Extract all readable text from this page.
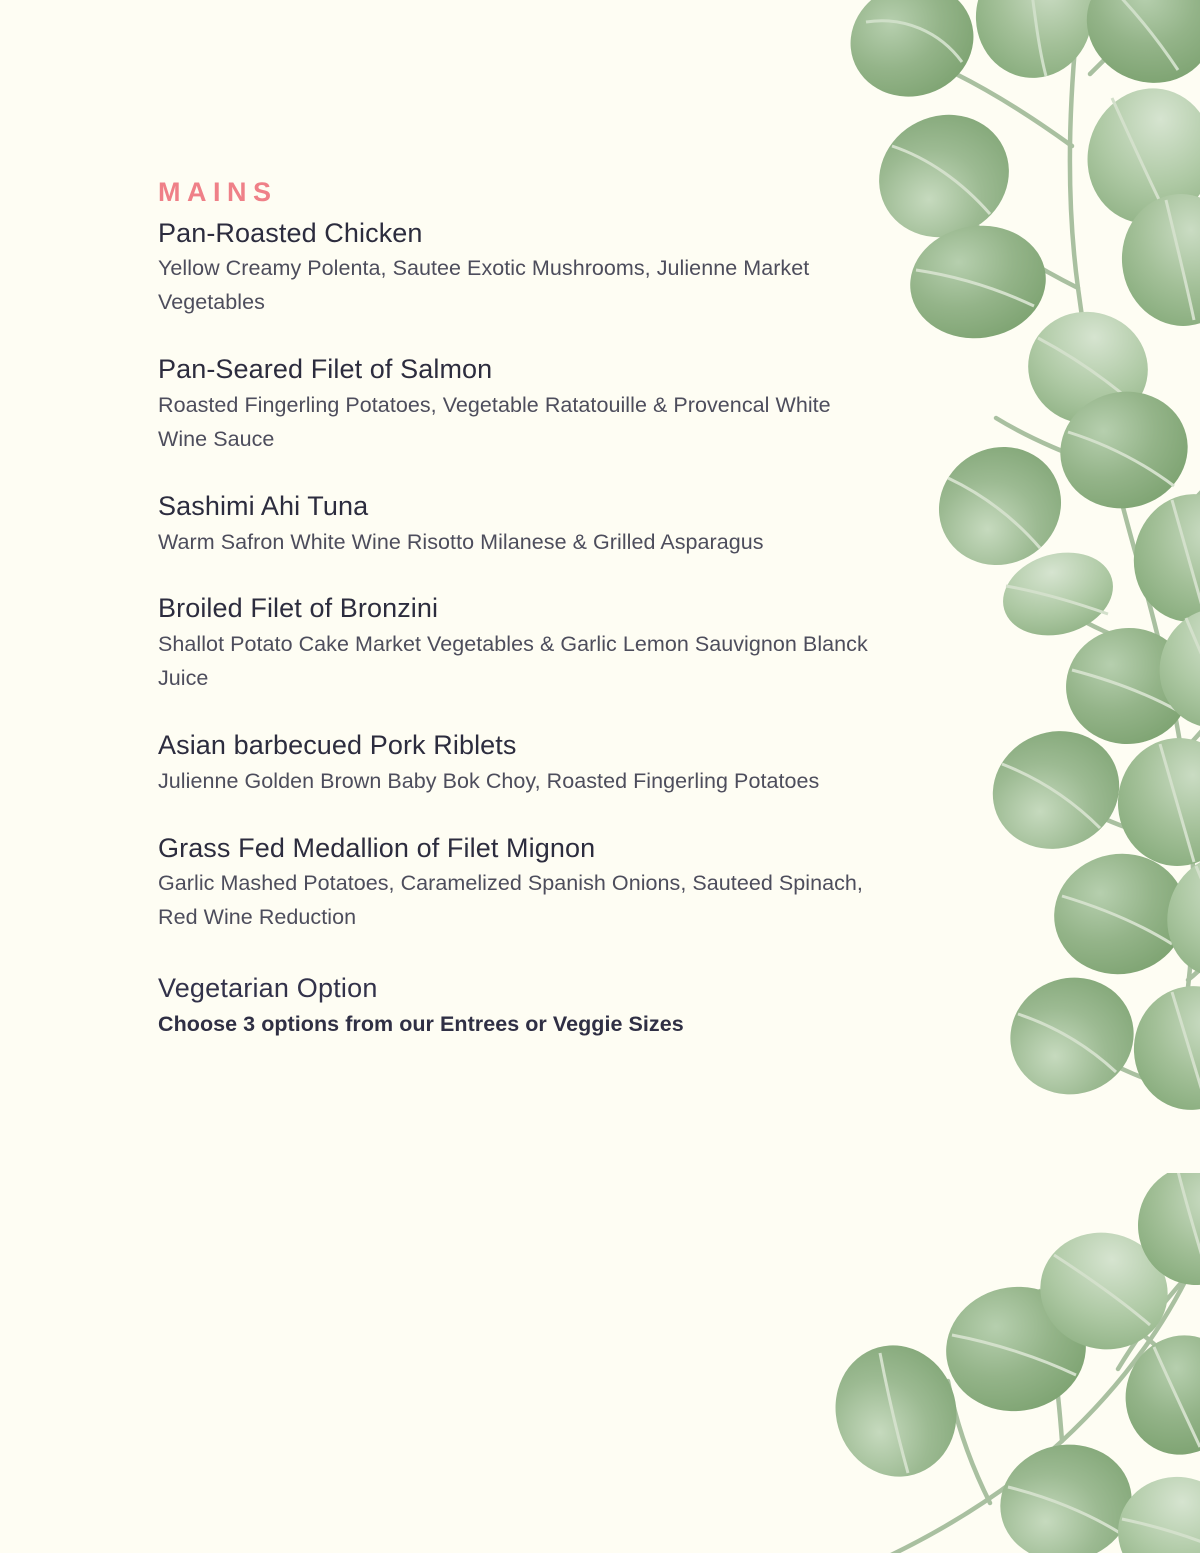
MAINS
Pan-Roasted Chicken
Yellow Creamy Polenta, Sautee Exotic Mushrooms, Julienne Market Vegetables
Pan-Seared Filet of Salmon
Roasted Fingerling Potatoes, Vegetable Ratatouille & Provencal White Wine Sauce
Sashimi Ahi Tuna
Warm Safron White Wine Risotto Milanese & Grilled Asparagus
Broiled Filet of Bronzini
Shallot Potato Cake Market Vegetables & Garlic Lemon Sauvignon Blanck Juice
Asian barbecued Pork Riblets
Julienne Golden Brown Baby Bok Choy, Roasted Fingerling Potatoes
Grass Fed Medallion of Filet Mignon
Garlic Mashed Potatoes, Caramelized Spanish Onions, Sauteed Spinach, Red Wine Reduction
Vegetarian Option
Choose 3 options from our Entrees or Veggie Sizes
